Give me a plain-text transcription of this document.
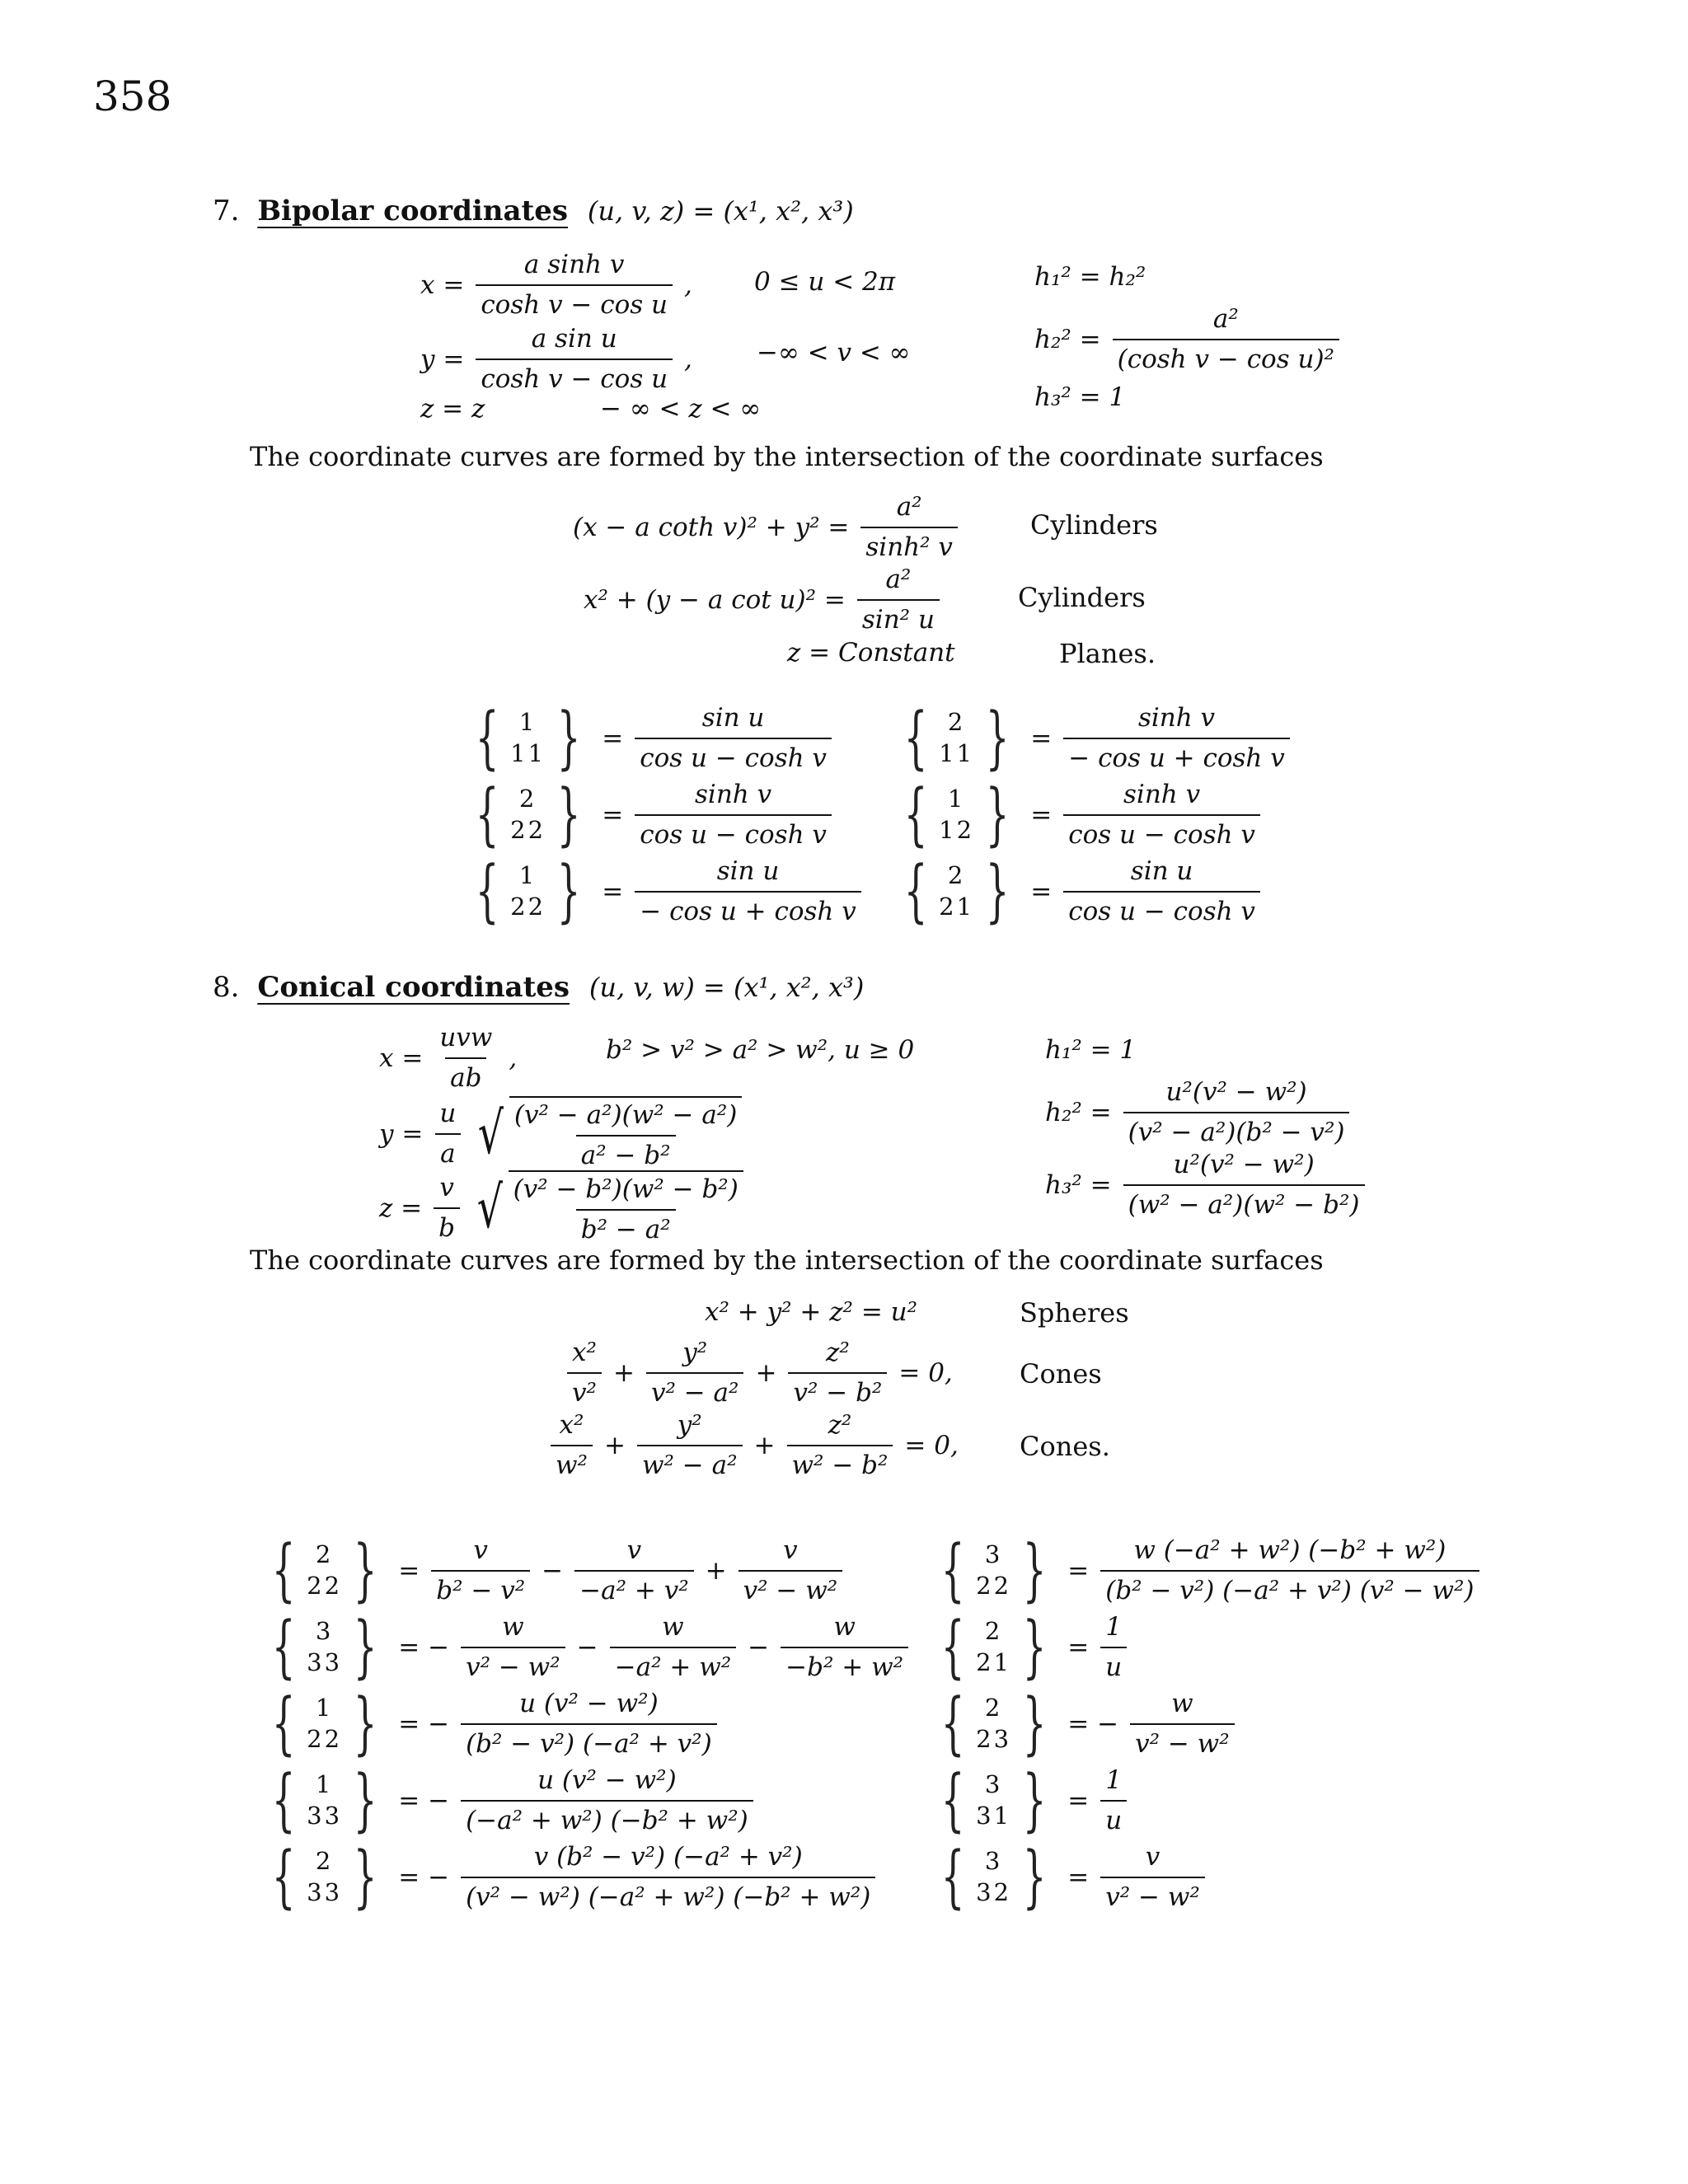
358
7. Bipolar coordinates (u, v, z) = (x¹, x², x³)
$x = \frac{\text{a sinh v}}{\text{cosh v − cos u}}$ , 0 ≤ u < 2π
$y = \frac{\text{a sin u}}{\text{cosh v − cos u}}$ ,	−∞ < v < ∞
z = z	− ∞ < z < ∞
h₁² = h₂²
$h_2^2 = \frac{\text{a²}}{\text{(cosh v − cos u)²}}$
h₃² = 1
The coordinate curves are formed by the intersection of the coordinate surfaces
(x − a coth $v)^2 + y^2 = \frac{\text{a²}}{\text{sinh² v}}$	Cylinders
x² + (y − a $\cot u)^2 = \frac{\text{a²}}{\text{sin² u}}$	Cylinders
z = Constant	Planes.
{ 1
11 } = $\frac{\text{sin u}}{\text{cos u − cosh v}}$
{ 2
22 } = $\frac{\text{sinh v}}{\text{cos u − cosh v}}$
{ 1
22 } = $\frac{\text{sin u}}{\text{− cos u + cosh v}}$
{ 2
11 } = $\frac{\text{sinh v}}{\text{− cos u + cosh v}}$
{ 1
12 } = $\frac{\text{sinh v}}{\text{cos u − cosh v}}$
{ 2
21 } = $\frac{\text{sin u}}{\text{cos u − cosh v}}$
8. Conical coordinates (u, v, w) = (x¹, x², x³)
$x = \frac{\text{uvw}}{ab}$ ,	b² > v² > a² > w², u ≥ 0
$y = \frac{u}{a}$ √ $\frac{\text{(v² − a²)(w² − a²)}}{\text{a² − b²}}$
$z = \frac{v}{b}$ √ $\frac{\text{(v² − b²)(w² − b²)}}{\text{b² − a²}}$
h₁² = 1
$h_2^2 = \frac{\text{u²(v² − w²)}}{\text{(v² − a²)(b² − v²)}}$
$h_3^2 = \frac{\text{u²(v² − w²)}}{\text{(w² − a²)(w² − b²)}}$
The coordinate curves are formed by the intersection of the coordinate surfaces
x² + y² + z² = u²	Spheres
$\frac{\text{x²}}{\text{v²}} + \frac{\text{y²}}{\text{v² − a²}} + \frac{\text{z²}}{\text{v² − b²}} = 0$,	Cones
$\frac{\text{x²}}{\text{w²}} + \frac{\text{y²}}{\text{w² − a²}} + \frac{\text{z²}}{\text{w² − b²}} = 0$, Cones.
{ 2
22 } = $\frac{v}{\text{b² − v²}} - \frac{v}{\text{−a² + v²}} + \frac{v}{\text{v² − w²}}$
{ 3
33 } = − $\frac{w}{\text{v² − w²}} - \frac{w}{\text{−a² + w²}} - \frac{w}{\text{−b² + w²}}$
{ 1
22 } = − $\frac{\text{u (v² − w²)}}{\text{(b² − v²) (−a² + v²)}}$
{ 1
33 } = − $\frac{\text{u (v² − w²)}}{\text{(−a² + w²) (−b² + w²)}}$
{ 2
33 } = − $\frac{\text{v (b² − v²) (−a² + v²)}}{\text{(v² − w²) (−a² + w²) (−b² + w²)}}$
{ 3
22 } = $\frac{\text{w (−a² + w²) (−b² + w²)}}{\text{(b² − v²) (−a² + v²) (v² − w²)}}$
{ 2
21 } = $\frac{1}{u}$
{ 2
23 } = − $\frac{w}{\text{v² − w²}}$
{ 3
31 } = $\frac{1}{u}$
{ 3
32 } = $\frac{v}{\text{v² − w²}}$
